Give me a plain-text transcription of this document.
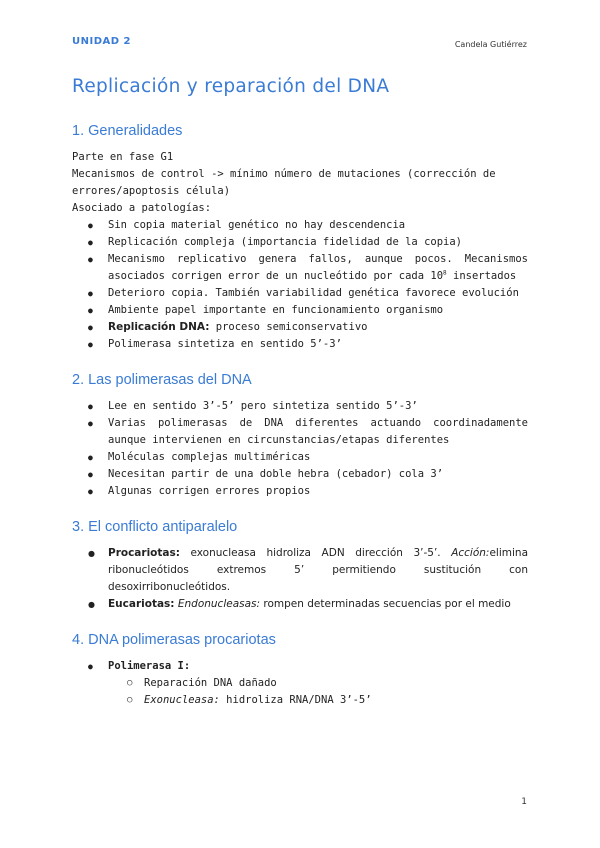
UNIDAD 2	Candela Gutiérrez
Replicación y reparación del DNA
1. Generalidades
Parte en fase G1
Mecanismos de control -> mínimo número de mutaciones (corrección de errores/apoptosis célula)
Asociado a patologías:
● Sin copia material genético no hay descendencia
● Replicación compleja (importancia fidelidad de la copia)
● Mecanismo replicativo genera fallos, aunque pocos. Mecanismos asociados corrigen error de un nucleótido por cada $10^8$ insertados
● Deterioro copia. También variabilidad genética favorece evolución
● Ambiente papel importante en funcionamiento organismo
● Replicación DNA: proceso semiconservativo
● Polimerasa sintetiza en sentido 5’-3’
2. Las polimerasas del DNA
● Lee en sentido 3’-5’ pero sintetiza sentido 5’-3’
● Varias polimerasas de DNA diferentes actuando coordinadamente aunque intervienen en circunstancias/etapas diferentes
● Moléculas complejas multiméricas
● Necesitan partir de una doble hebra (cebador) cola 3’
● Algunas corrigen errores propios
3. El conflicto antiparalelo
● Procariotas: exonucleasa hidroliza ADN dirección 3’-5’. Acción:elimina ribonucleótidos extremos 5’ permitiendo sustitución con desoxirribonucleótidos.
● Eucariotas: Endonucleasas: rompen determinadas secuencias por el medio
4. DNA polimerasas procariotas
● Polimerasa I:
○ Reparación DNA dañado
○ Exonucleasa: hidroliza RNA/DNA 3’-5’
1
